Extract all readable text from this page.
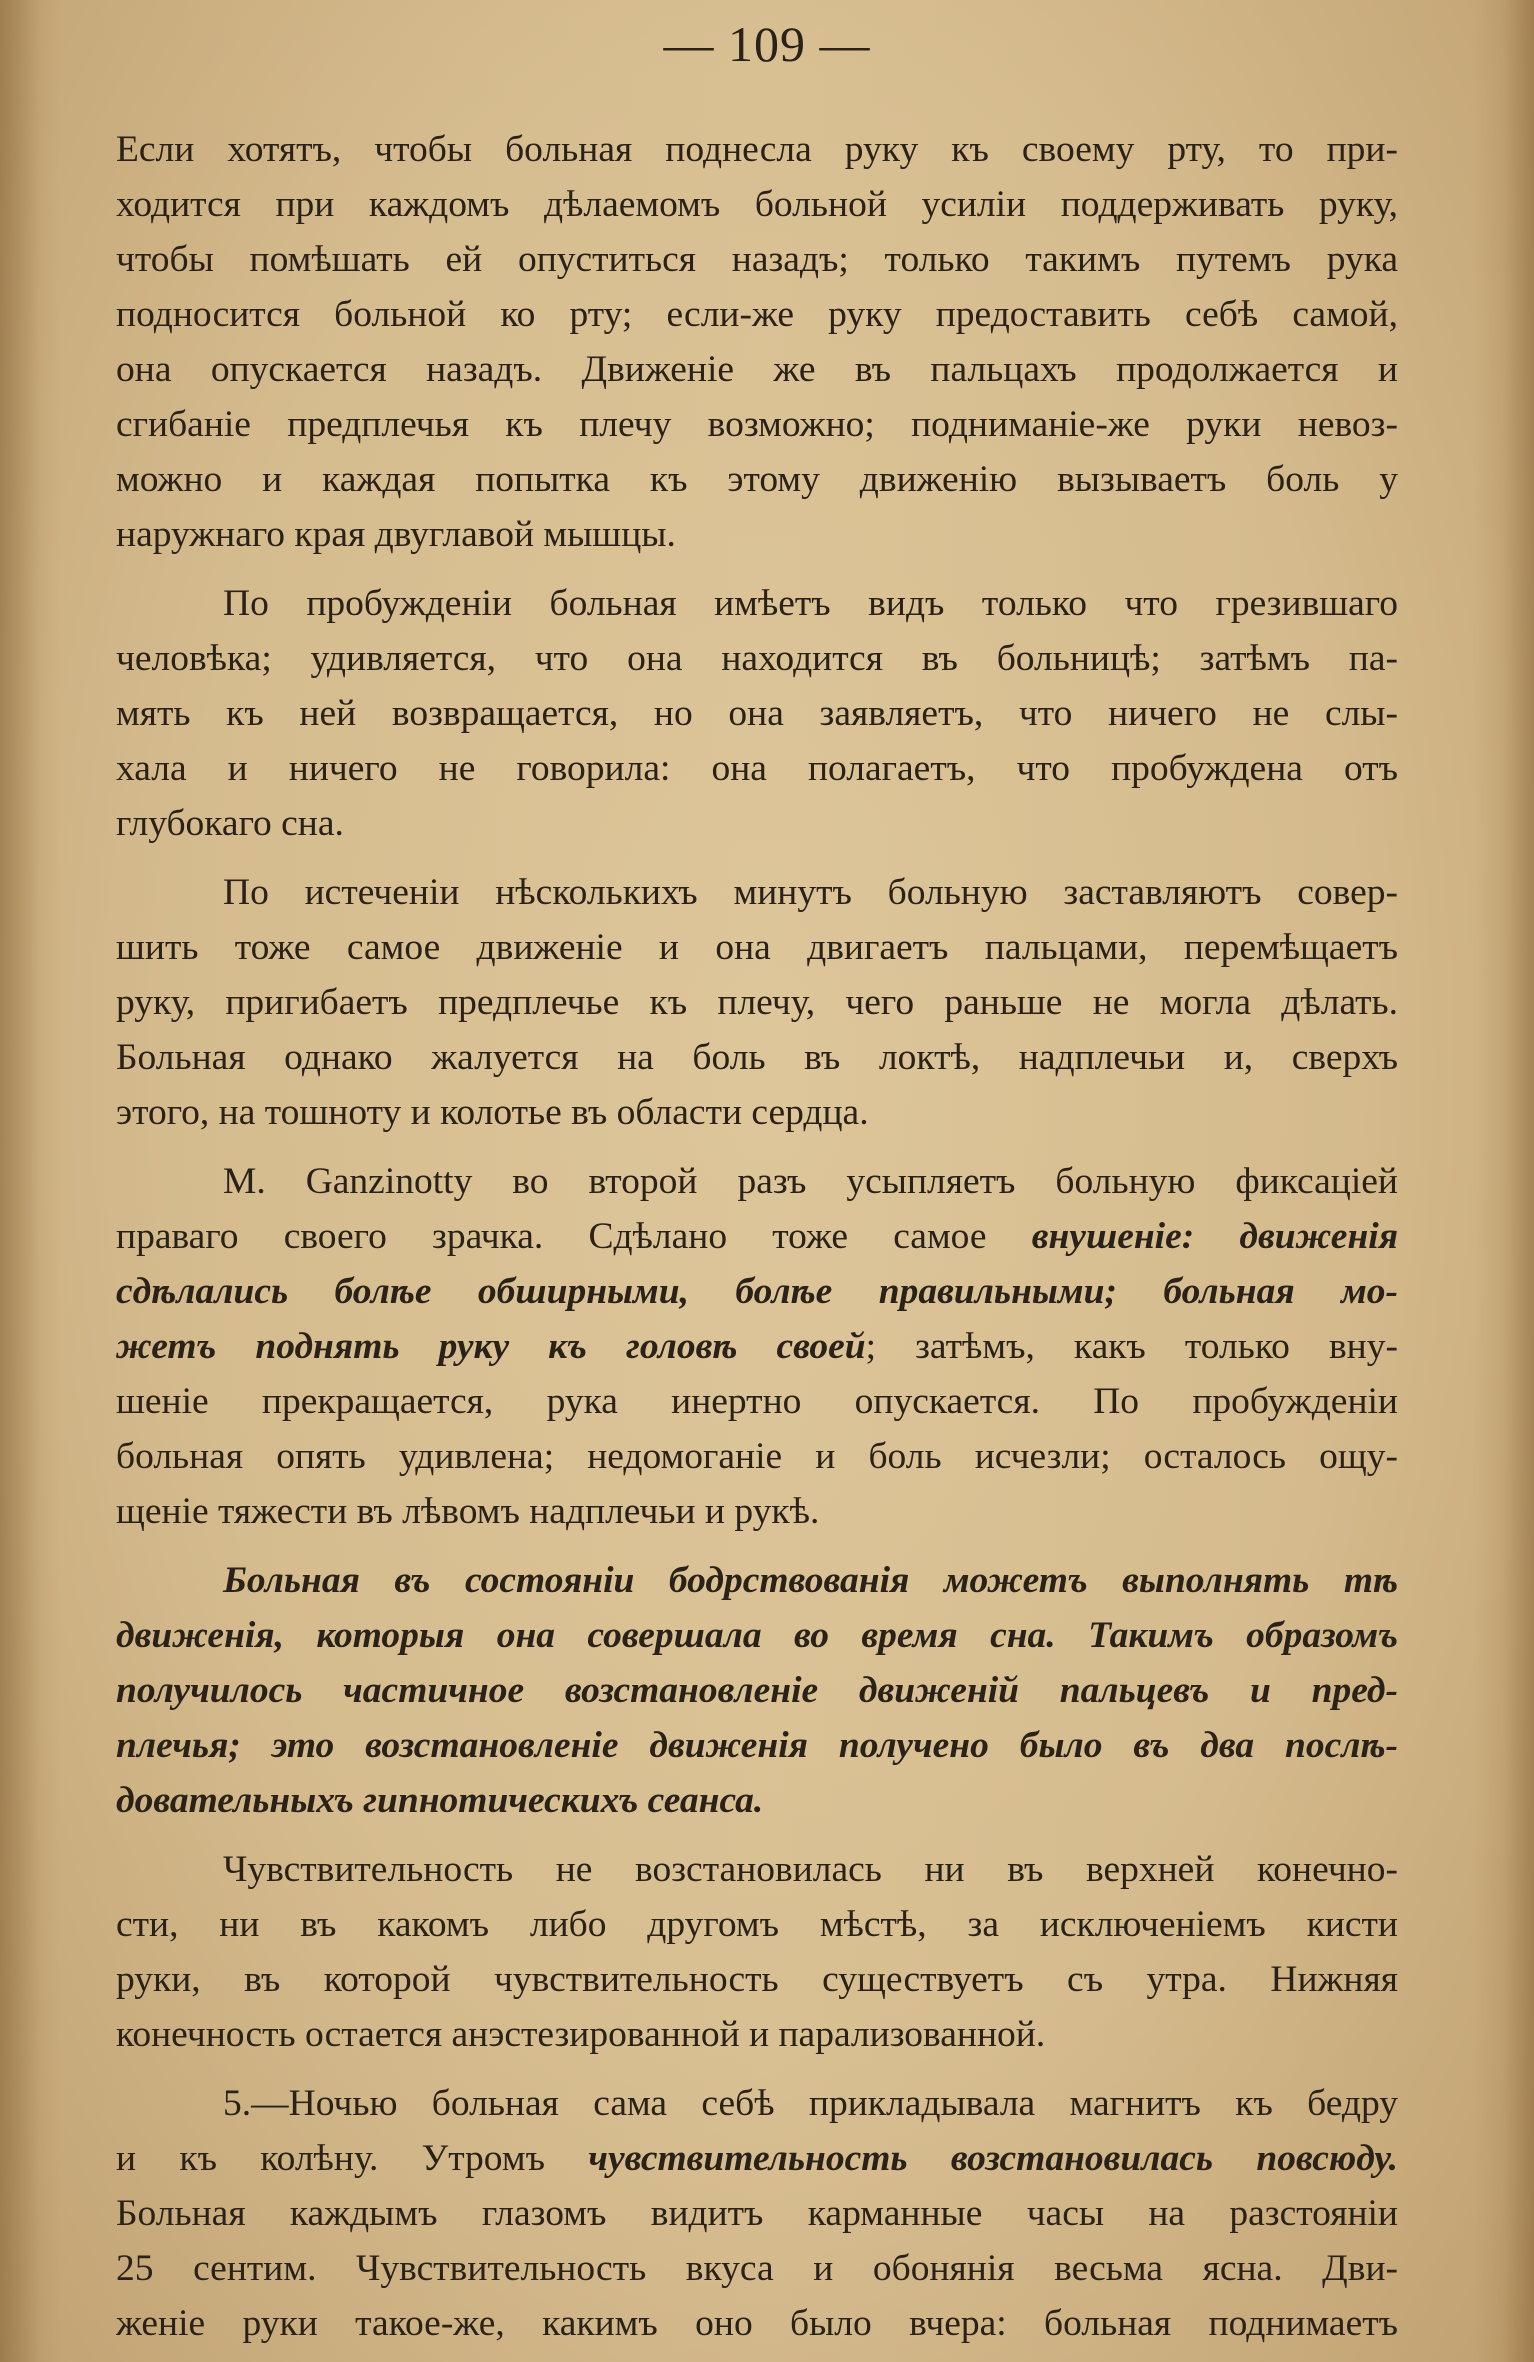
— 109 —
Если хотятъ, чтобы больная поднесла руку къ своему рту, то при-
ходится при каждомъ дѣлаемомъ больной усилiи поддерживать руку,
чтобы помѣшать ей опуститься назадъ; только такимъ путемъ рука
подносится больной ко рту; если-же руку предоставить себѣ самой,
она опускается назадъ. Движенiе же въ пальцахъ продолжается и
сгибанiе предплечья къ плечу возможно; подниманiе-же руки невоз-
можно и каждая попытка къ этому движенiю вызываетъ боль у
наружнаго края двуглавой мышцы.
По пробужденiи больная имѣетъ видъ только что грезившаго
человѣка; удивляется, что она находится въ больницѣ; затѣмъ па-
мять къ ней возвращается, но она заявляетъ, что ничего не слы-
хала и ничего не говорила: она полагаетъ, что пробуждена отъ
глубокаго сна.
По истеченiи нѣсколькихъ минутъ больную заставляютъ совер-
шить тоже самое движенiе и она двигаетъ пальцами, перемѣщаетъ
руку, пригибаетъ предплечье къ плечу, чего раньше не могла дѣлать.
Больная однако жалуется на боль въ локтѣ, надплечьи и, сверхъ
этого, на тошноту и колотье въ области сердца.
M. Ganzinotty во второй разъ усыпляетъ больную фиксацiей
праваго своего зрачка. Сдѣлано тоже самое внушенiе: движенiя
сдѣлались болѣе обширными, болѣе правильными; больная мо-
жетъ поднять руку къ головѣ своей; затѣмъ, какъ только вну-
шенiе прекращается, рука инертно опускается. По пробужденiи
больная опять удивлена; недомоганiе и боль исчезли; осталось ощу-
щенiе тяжести въ лѣвомъ надплечьи и рукѣ.
Больная въ состоянiи бодрствованiя можетъ выполнять тѣ
движенiя, которыя она совершала во время сна. Такимъ образомъ
получилось частичное возстановленiе движенiй пальцевъ и пред-
плечья; это возстановленiе движенiя получено было въ два послѣ-
довательныхъ гипнотическихъ сеанса.
Чувствительность не возстановилась ни въ верхней конечно-
сти, ни въ какомъ либо другомъ мѣстѣ, за исключенiемъ кисти
руки, въ которой чувствительность существуетъ съ утра. Нижняя
конечность остается анэстезированной и парализованной.
5.—Ночью больная сама себѣ прикладывала магнитъ къ бедру
и къ колѣну. Утромъ чувствительность возстановилась повсюду.
Больная каждымъ глазомъ видитъ карманные часы на разстоянiи
25 сентим. Чувствительность вкуса и обонянiя весьма ясна. Дви-
женiе руки такое-же, какимъ оно было вчера: больная поднимаетъ
